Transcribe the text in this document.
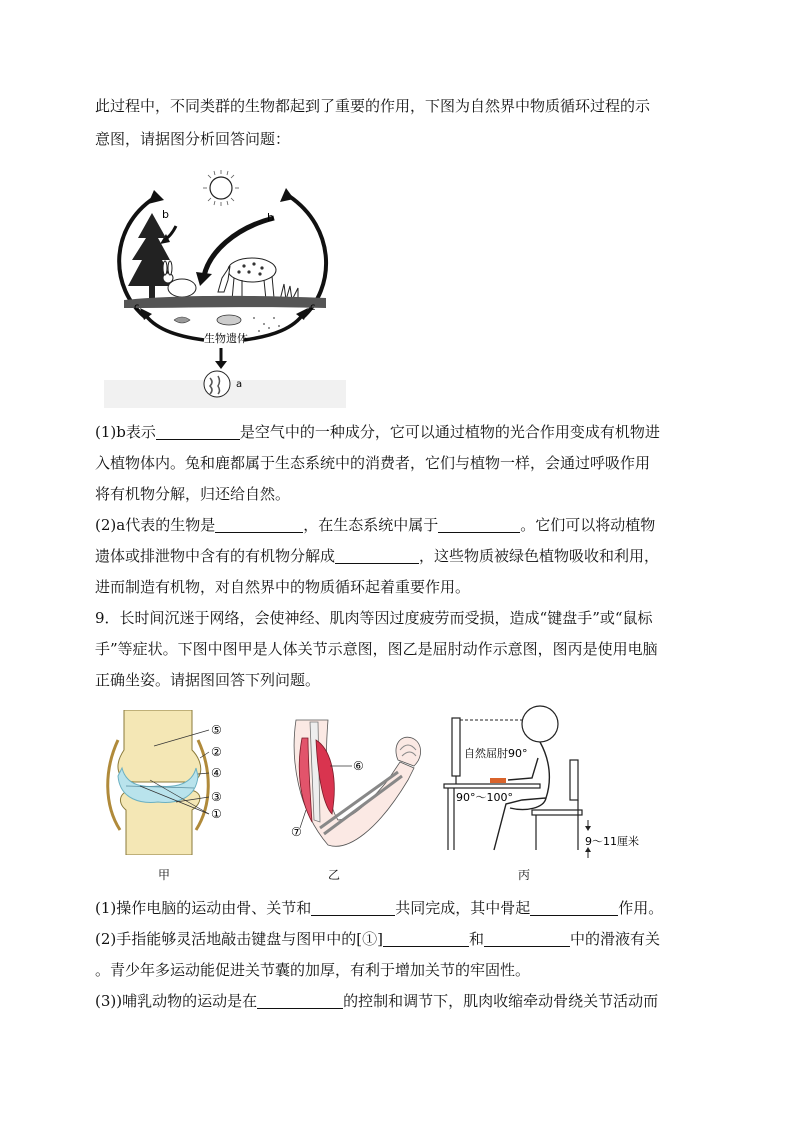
此过程中，不同类群的生物都起到了重要的作用，下图为自然界中物质循环过程的示
意图，请据图分析回答问题：
b	b
c	c
生物遗体
a
(1)b表示	是空气中的一种成分，它可以通过植物的光合作用变成有机物进
入植物体内。兔和鹿都属于生态系统中的消费者，它们与植物一样，会通过呼吸作用
将有机物分解，归还给自然。
(2)a代表的生物是	，在生态系统中属于	。它们可以将动植物
遗体或排泄物中含有的有机物分解成	，这些物质被绿色植物吸收和利用，
进而制造有机物，对自然界中的物质循环起着重要作用。
9．长时间沉迷于网络，会使神经、肌肉等因过度疲劳而受损，造成“键盘手”或“鼠标
手”等症状。下图中图甲是人体关节示意图，图乙是屈肘动作示意图，图丙是使用电脑
正确坐姿。请据图回答下列问题。
⑤
②
④
③
①
甲
⑥
⑦
乙
自然屈肘90°
90°～100°
9～11厘米
丙
(1)操作电脑的运动由骨、关节和	共同完成，其中骨起	作用。
(2)手指能够灵活地敲击键盘与图甲中的[①]	和	中的滑液有关
。青少年多运动能促进关节囊的加厚，有利于增加关节的牢固性。
(3))哺乳动物的运动是在	的控制和调节下，肌肉收缩牵动骨绕关节活动而
